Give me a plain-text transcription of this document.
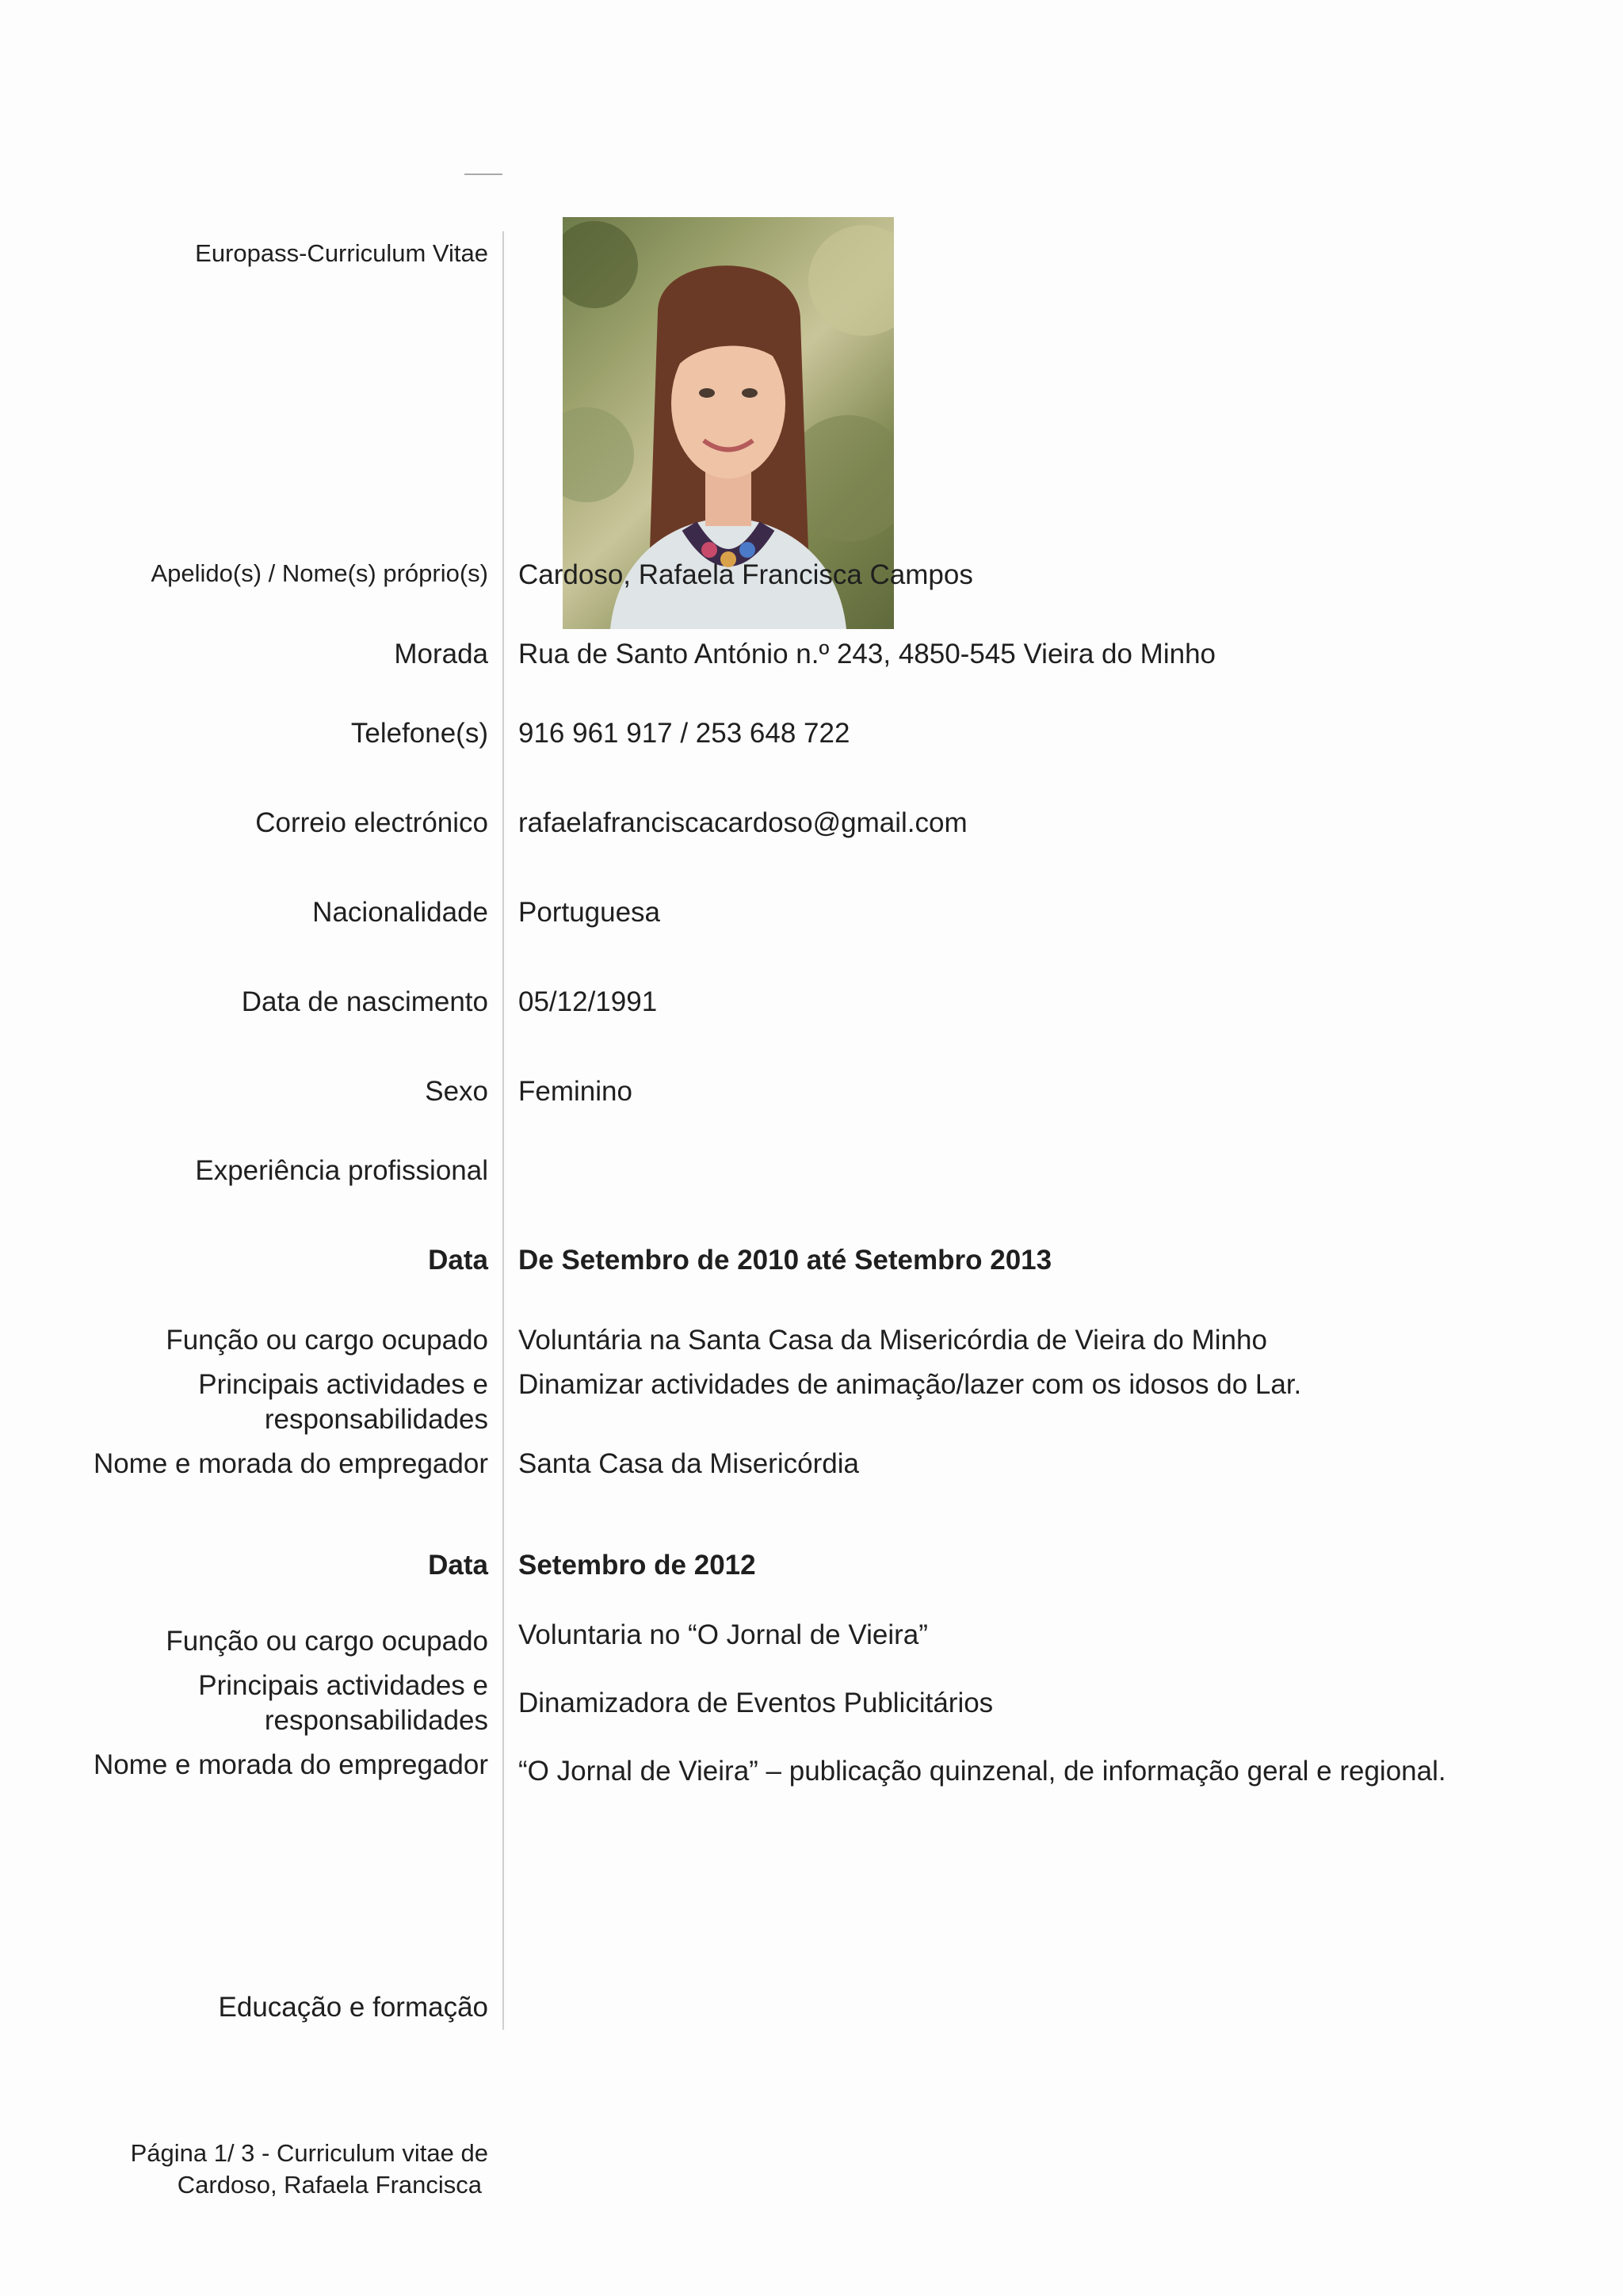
Europass-Curriculum Vitae
Apelido(s) / Nome(s) próprio(s) Cardoso, Rafaela Francisca Campos
Morada Rua de Santo António n.º 243, 4850-545 Vieira do Minho
Telefone(s) 916 961 917 / 253 648 722
Correio electrónico rafaelafranciscacardoso@gmail.com
Nacionalidade Portuguesa
Data de nascimento 05/12/1991
Sexo Feminino
Experiência profissional
Data De Setembro de 2010 até Setembro 2013
Função ou cargo ocupado Voluntária na Santa Casa da Misericórdia de Vieira do Minho
Principais actividades e
responsabilidades
Dinamizar actividades de animação/lazer com os idosos do Lar.
Nome e morada do empregador Santa Casa da Misericórdia
Data Setembro de 2012
Função ou cargo ocupado Voluntaria no “O Jornal de Vieira”
Principais actividades e
responsabilidades
Dinamizadora de Eventos Publicitários
Nome e morada do empregador “O Jornal de Vieira” – publicação quinzenal, de informação geral e regional.
Educação e formação
Página 1/ 3 - Curriculum vitae de
Cardoso, Rafaela Francisca
